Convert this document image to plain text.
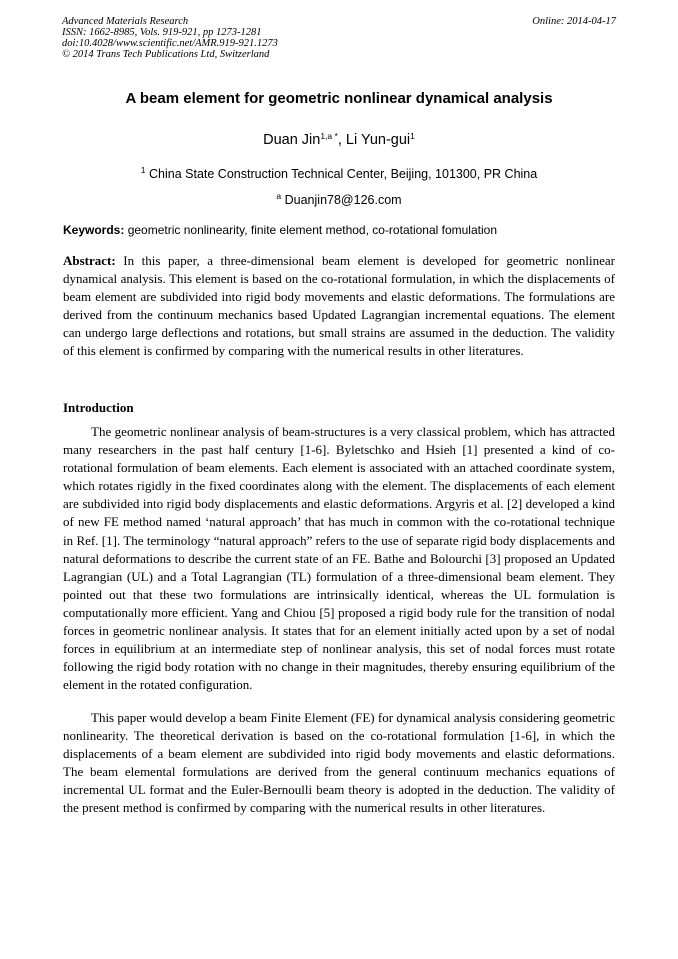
Advanced Materials Research
ISSN: 1662-8985, Vols. 919-921, pp 1273-1281
doi:10.4028/www.scientific.net/AMR.919-921.1273
© 2014 Trans Tech Publications Ltd, Switzerland
Online: 2014-04-17
A beam element for geometric nonlinear dynamical analysis
Duan Jin$^{1,a *}$, Li Yun-gui$^1$
$^1$ China State Construction Technical Center, Beijing, 101300, PR China
$^a$ Duanjin78@126.com
Keywords: geometric nonlinearity, finite element method, co-rotational fomulation
Abstract: In this paper, a three-dimensional beam element is developed for geometric nonlinear dynamical analysis. This element is based on the co-rotational formulation, in which the displacements of beam element are subdivided into rigid body movements and elastic deformations. The formulations are derived from the continuum mechanics based Updated Lagrangian incremental equations. The element can undergo large deflections and rotations, but small strains are assumed in the deduction. The validity of this element is confirmed by comparing with the numerical results in other literatures.
Introduction

The geometric nonlinear analysis of beam-structures is a very classical problem, which has attracted many researchers in the past half century [1-6]. Byletschko and Hsieh [1] presented a kind of co-rotational formulation of beam elements. Each element is associated with an attached coordinate system, which rotates rigidly in the fixed coordinates along with the element. The displacements of each element are subdivided into rigid body displacements and elastic deformations. Argyris et al. [2] developed a kind of new FE method named ‘natural approach’ that has much in common with the co-rotational technique in Ref. [1]. The terminology “natural approach” refers to the use of separate rigid body displacements and natural deformations to describe the current state of an FE. Bathe and Bolourchi [3] proposed an Updated Lagrangian (UL) and a Total Lagrangian (TL) formulation of a three-dimensional beam element. They pointed out that these two formulations are intrinsically identical, whereas the UL formulation is computationally more efficient. Yang and Chiou [5] proposed a rigid body rule for the transition of nodal forces in geometric nonlinear analysis. It states that for an element initially acted upon by a set of nodal forces in equilibrium at an intermediate step of nonlinear analysis, this set of nodal forces must rotate following the rigid body rotation with no change in their magnitudes, thereby ensuring equilibrium of the element in the rotated configuration.

This paper would develop a beam Finite Element (FE) for dynamical analysis considering geometric nonlinearity. The theoretical derivation is based on the co-rotational formulation [1-6], in which the displacements of a beam element are subdivided into rigid body movements and elastic deformations. The beam elemental formulations are derived from the general continuum mechanics equations of incremental UL format and the Euler-Bernoulli beam theory is adopted in the deduction. The validity of the present method is confirmed by comparing with the numerical results in other literatures.
